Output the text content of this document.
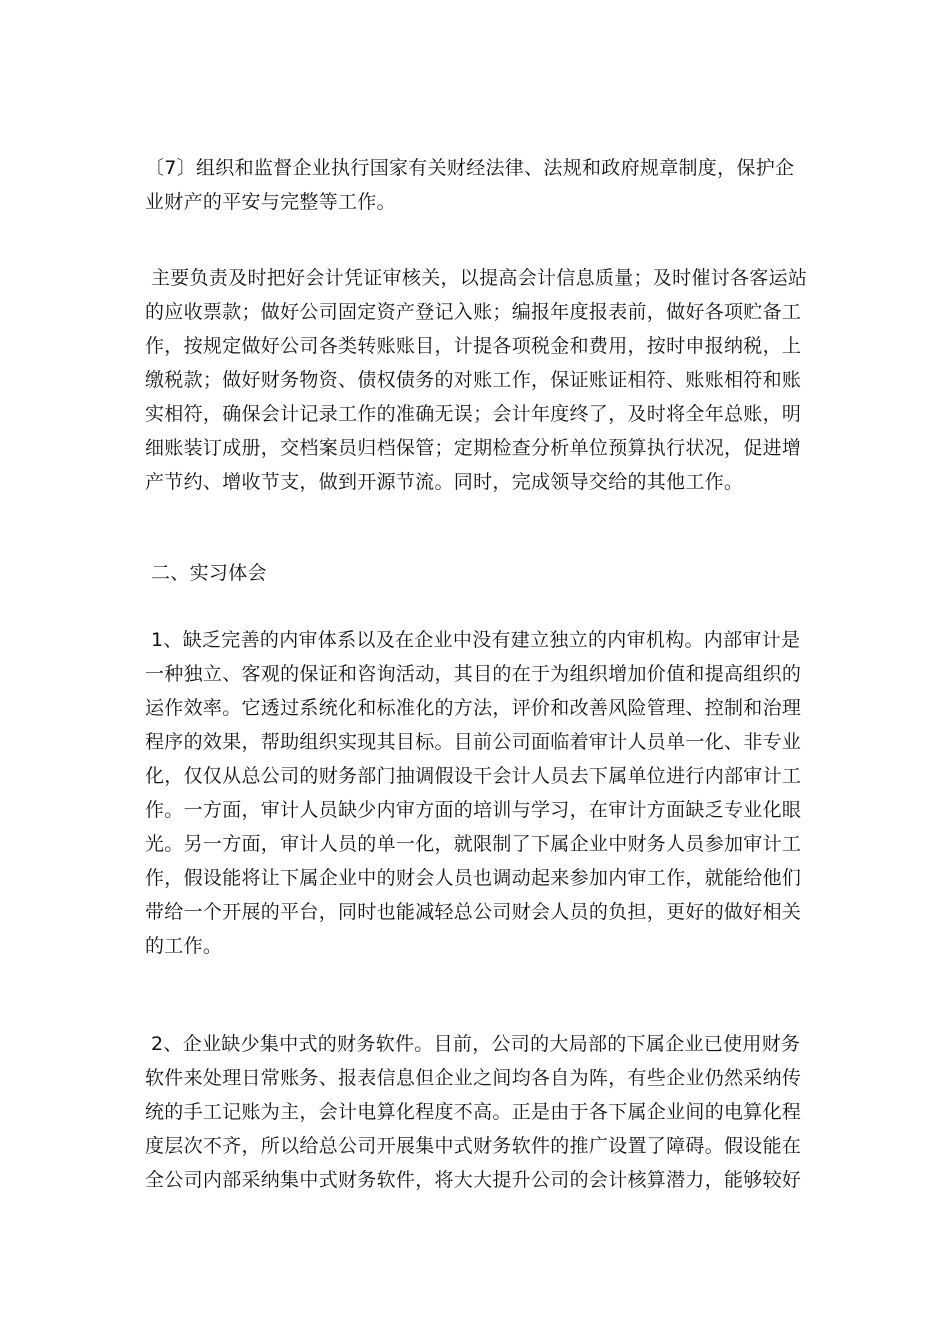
〔7〕组织和监督企业执行国家有关财经法律、法规和政府规章制度，保护企
业财产的平安与完整等工作。
主要负责及时把好会计凭证审核关，以提高会计信息质量；及时催讨各客运站
的应收票款；做好公司固定资产登记入账；编报年度报表前，做好各项贮备工
作，按规定做好公司各类转账账目，计提各项税金和费用，按时申报纳税，上
缴税款；做好财务物资、债权债务的对账工作，保证账证相符、账账相符和账
实相符，确保会计记录工作的准确无误；会计年度终了，及时将全年总账，明
细账装订成册，交档案员归档保管；定期检查分析单位预算执行状况，促进增
产节约、增收节支，做到开源节流。同时，完成领导交给的其他工作。
二、实习体会
1、缺乏完善的内审体系以及在企业中没有建立独立的内审机构。内部审计是
一种独立、客观的保证和咨询活动，其目的在于为组织增加价值和提高组织的
运作效率。它透过系统化和标准化的方法，评价和改善风险管理、控制和治理
程序的效果，帮助组织实现其目标。目前公司面临着审计人员单一化、非专业
化，仅仅从总公司的财务部门抽调假设干会计人员去下属单位进行内部审计工
作。一方面，审计人员缺少内审方面的培训与学习，在审计方面缺乏专业化眼
光。另一方面，审计人员的单一化，就限制了下属企业中财务人员参加审计工
作，假设能将让下属企业中的财会人员也调动起来参加内审工作，就能给他们
带给一个开展的平台，同时也能减轻总公司财会人员的负担，更好的做好相关
的工作。
2、企业缺少集中式的财务软件。目前，公司的大局部的下属企业已使用财务
软件来处理日常账务、报表信息但企业之间均各自为阵，有些企业仍然采纳传
统的手工记账为主，会计电算化程度不高。正是由于各下属企业间的电算化程
度层次不齐，所以给总公司开展集中式财务软件的推广设置了障碍。假设能在
全公司内部采纳集中式财务软件，将大大提升公司的会计核算潜力，能够较好
